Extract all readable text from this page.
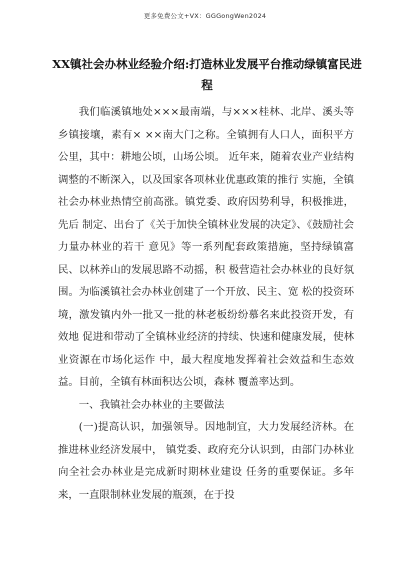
更多免费公文+VX：GGGongWen2024
XX镇社会办林业经验介绍:打造林业发展平台推动绿镇富民进程

我们临溪镇地处×××最南端，与×××桂林、北岸、溪头等乡镇接壤，素有× ××南大门之称。全镇拥有人口人，面积平方公里，其中：耕地公顷，山场公顷。 近年来，随着农业产业结构调整的不断深入，以及国家各项林业优惠政策的推行 实施，全镇社会办林业热情空前高涨。镇党委、政府因势利导，积极推进，先后 制定、出台了《关于加快全镇林业发展的决定》、《鼓励社会力量办林业的若干 意见》等一系列配套政策措施，坚持绿镇富民、以林养山的发展思路不动摇，积 极营造社会办林业的良好氛围。为临溪镇社会办林业创建了一个开放、民主、宽 松的投资环境，激发镇内外一批又一批的林老板纷纷慕名来此投资开发，有效地 促进和带动了全镇林业经济的持续、快速和健康发展，使林业资源在市场化运作 中，最大程度地发挥着社会效益和生态效益。目前，全镇有林面积达公顷，森林 覆盖率达到。

一、我镇社会办林业的主要做法

(一)提高认识，加强领导。因地制宜，大力发展经济林。在推进林业经济发展中， 镇党委、政府充分认识到，由部门办林业向全社会办林业是完成新时期林业建设 任务的重要保证。多年来，一直限制林业发展的瓶颈，在于投
